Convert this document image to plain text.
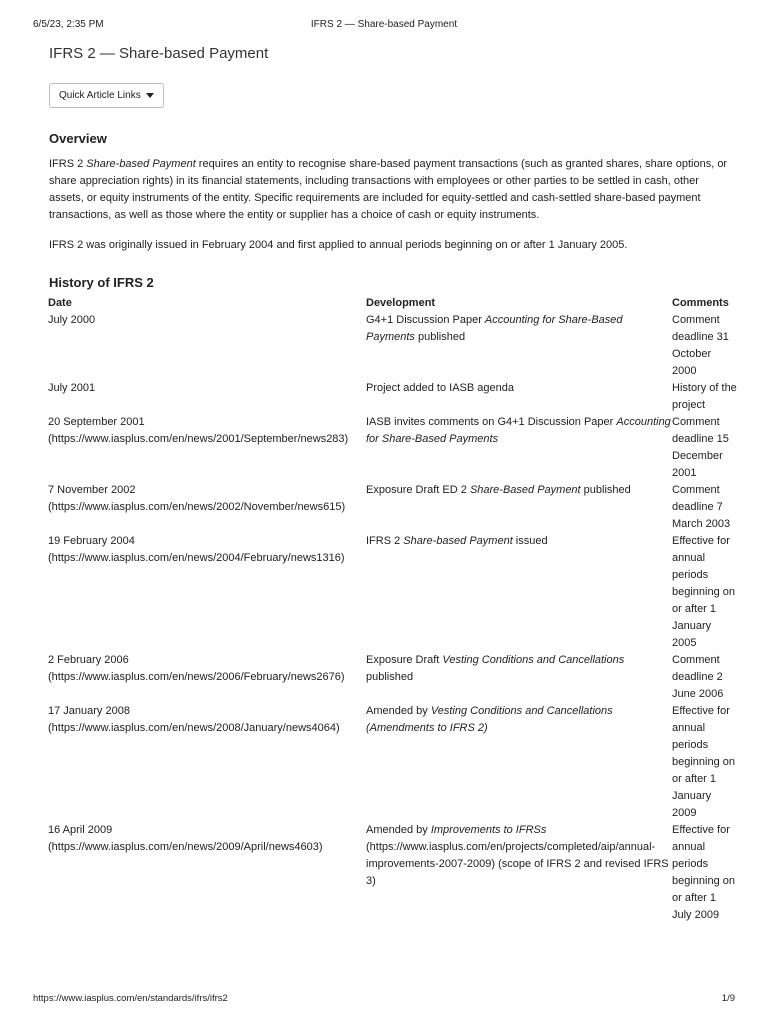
6/5/23, 2:35 PM	IFRS 2 — Share-based Payment
IFRS 2 — Share-based Payment
Quick Article Links
Overview

IFRS 2 Share-based Payment requires an entity to recognise share-based payment transactions (such as granted shares, share options, or share appreciation rights) in its financial statements, including transactions with employees or other parties to be settled in cash, other assets, or equity instruments of the entity. Specific requirements are included for equity-settled and cash-settled share-based payment transactions, as well as those where the entity or supplier has a choice of cash or equity instruments.

IFRS 2 was originally issued in February 2004 and first applied to annual periods beginning on or after 1 January 2005.

History of IFRS 2
Date	Development	Comments
July 2000	G4+1 Discussion Paper Accounting for Share-Based Payments published	Comment deadline 31 October 2000
July 2001	Project added to IASB agenda	History of the project
20 September 2001
(https://www.iasplus.com/en/news/2001/September/news283)	IASB invites comments on G4+1 Discussion Paper Accounting for Share-Based Payments	Comment deadline 15 December 2001
7 November 2002
(https://www.iasplus.com/en/news/2002/November/news615)	Exposure Draft ED 2 Share-Based Payment published	Comment deadline 7 March 2003
19 February 2004
(https://www.iasplus.com/en/news/2004/February/news1316)	IFRS 2 Share-based Payment issued	Effective for annual periods beginning on or after 1 January 2005
2 February 2006
(https://www.iasplus.com/en/news/2006/February/news2676)	Exposure Draft Vesting Conditions and Cancellations published	Comment deadline 2 June 2006
17 January 2008
(https://www.iasplus.com/en/news/2008/January/news4064)	Amended by Vesting Conditions and Cancellations (Amendments to IFRS 2)	Effective for annual periods beginning on or after 1 January 2009
16 April 2009
(https://www.iasplus.com/en/news/2009/April/news4603)	Amended by Improvements to IFRSs (https://www.iasplus.com/en/projects/completed/aip/annual-improvements-2007-2009) (scope of IFRS 2 and revised IFRS 3)	Effective for annual periods beginning on or after 1 July 2009
https://www.iasplus.com/en/standards/ifrs/ifrs2	1/9
